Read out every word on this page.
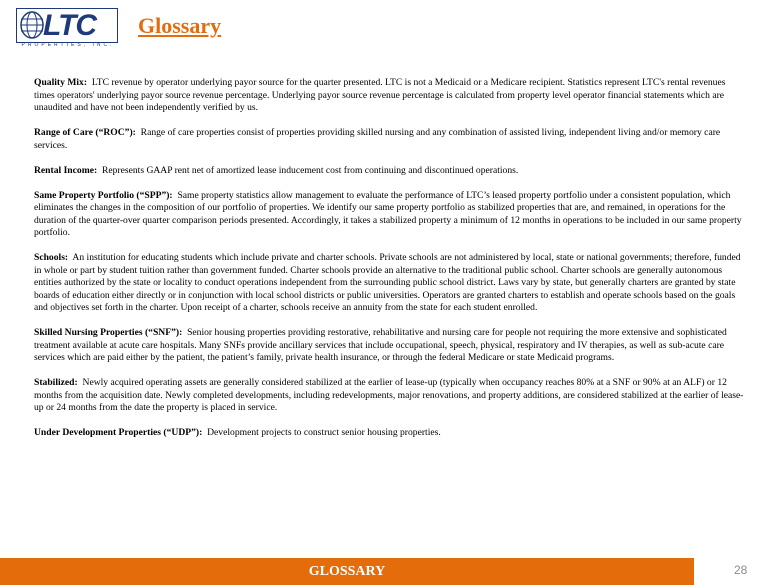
LTC
PROPERTIES, INC.
Glossary

Quality Mix: LTC revenue by operator underlying payor source for the quarter presented. LTC is not a Medicaid or a Medicare recipient. Statistics represent LTC's rental revenues times operators' underlying payor source revenue percentage. Underlying payor source revenue percentage is calculated from property level operator financial statements which are unaudited and have not been independently verified by us.

Range of Care (“ROC”): Range of care properties consist of properties providing skilled nursing and any combination of assisted living, independent living and/or memory care services.

Rental Income: Represents GAAP rent net of amortized lease inducement cost from continuing and discontinued operations.

Same Property Portfolio (“SPP”): Same property statistics allow management to evaluate the performance of LTC’s leased property portfolio under a consistent population, which eliminates the changes in the composition of our portfolio of properties. We identify our same property portfolio as stabilized properties that are, and remained, in operations for the duration of the quarter-over quarter comparison periods presented. Accordingly, it takes a stabilized property a minimum of 12 months in operations to be included in our same property portfolio.

Schools: An institution for educating students which include private and charter schools. Private schools are not administered by local, state or national governments; therefore, funded in whole or part by student tuition rather than government funded. Charter schools provide an alternative to the traditional public school. Charter schools are generally autonomous entities authorized by the state or locality to conduct operations independent from the surrounding public school district. Laws vary by state, but generally charters are granted by state boards of education either directly or in conjunction with local school districts or public universities. Operators are granted charters to establish and operate schools based on the goals and objectives set forth in the charter. Upon receipt of a charter, schools receive an annuity from the state for each student enrolled.

Skilled Nursing Properties (“SNF”): Senior housing properties providing restorative, rehabilitative and nursing care for people not requiring the more extensive and sophisticated treatment available at acute care hospitals. Many SNFs provide ancillary services that include occupational, speech, physical, respiratory and IV therapies, as well as sub-acute care services which are paid either by the patient, the patient’s family, private health insurance, or through the federal Medicare or state Medicaid programs.

Stabilized: Newly acquired operating assets are generally considered stabilized at the earlier of lease-up (typically when occupancy reaches 80% at a SNF or 90% at an ALF) or 12 months from the acquisition date. Newly completed developments, including redevelopments, major renovations, and property additions, are considered stabilized at the earlier of lease-up or 24 months from the date the property is placed in service.

Under Development Properties (“UDP”): Development projects to construct senior housing properties.

GLOSSARY	28
